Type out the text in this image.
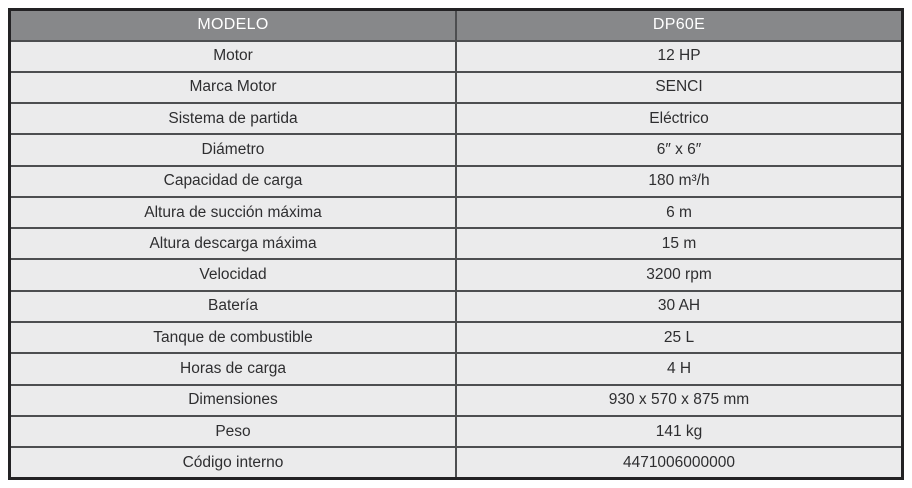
MODELO	DP60E
Motor	12 HP
Marca Motor	SENCI
Sistema de partida	Eléctrico
Diámetro	6″ x 6″
Capacidad de carga	180 m³/h
Altura de succión máxima	6 m
Altura descarga máxima	15 m
Velocidad	3200 rpm
Batería	30 AH
Tanque de combustible	25 L
Horas de carga	4 H
Dimensiones	930 x 570 x 875 mm
Peso	141 kg
Código interno	4471006000000
